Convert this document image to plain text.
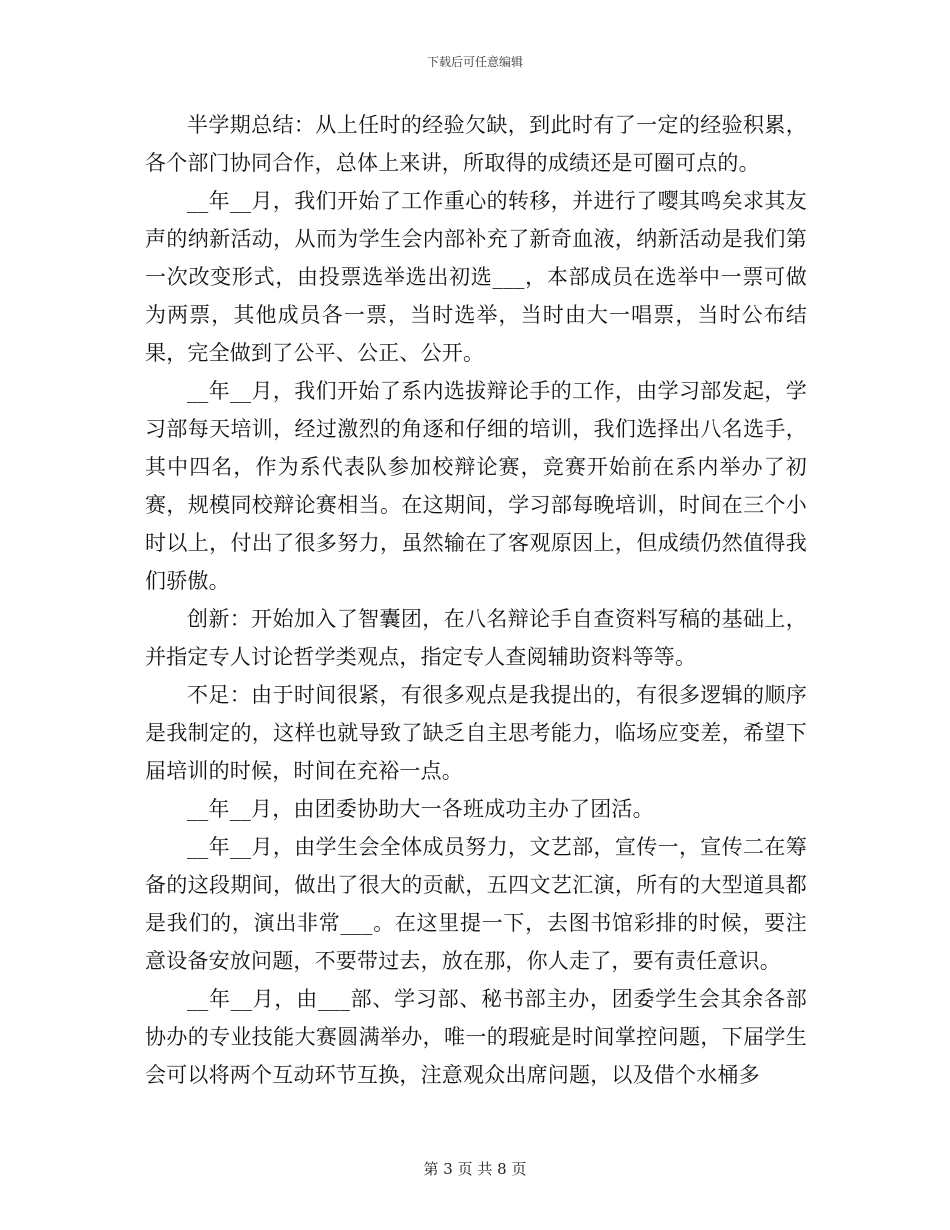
下载后可任意编辑

半学期总结：从上任时的经验欠缺，到此时有了一定的经验积累，各个部门协同合作，总体上来讲，所取得的成绩还是可圈可点的。

__年__月，我们开始了工作重心的转移，并进行了嘤其鸣矣求其友声的纳新活动，从而为学生会内部补充了新奇血液，纳新活动是我们第一次改变形式，由投票选举选出初选___，本部成员在选举中一票可做为两票，其他成员各一票，当时选举，当时由大一唱票，当时公布结果，完全做到了公平、公正、公开。

__年__月，我们开始了系内选拔辩论手的工作，由学习部发起，学习部每天培训，经过激烈的角逐和仔细的培训，我们选择出八名选手，其中四名，作为系代表队参加校辩论赛，竞赛开始前在系内举办了初赛，规模同校辩论赛相当。在这期间，学习部每晚培训，时间在三个小时以上，付出了很多努力，虽然输在了客观原因上，但成绩仍然值得我们骄傲。

创新：开始加入了智囊团，在八名辩论手自查资料写稿的基础上，并指定专人讨论哲学类观点，指定专人查阅辅助资料等等。

不足：由于时间很紧，有很多观点是我提出的，有很多逻辑的顺序是我制定的，这样也就导致了缺乏自主思考能力，临场应变差，希望下届培训的时候，时间在充裕一点。

__年__月，由团委协助大一各班成功主办了团活。

__年__月，由学生会全体成员努力，文艺部，宣传一，宣传二在筹备的这段期间，做出了很大的贡献，五四文艺汇演，所有的大型道具都是我们的，演出非常___。在这里提一下，去图书馆彩排的时候，要注意设备安放问题，不要带过去，放在那，你人走了，要有责任意识。

__年__月，由___部、学习部、秘书部主办，团委学生会其余各部协办的专业技能大赛圆满举办，唯一的瑕疵是时间掌控问题，下届学生会可以将两个互动环节互换，注意观众出席问题，以及借个水桶多

第 3 页 共 8 页
